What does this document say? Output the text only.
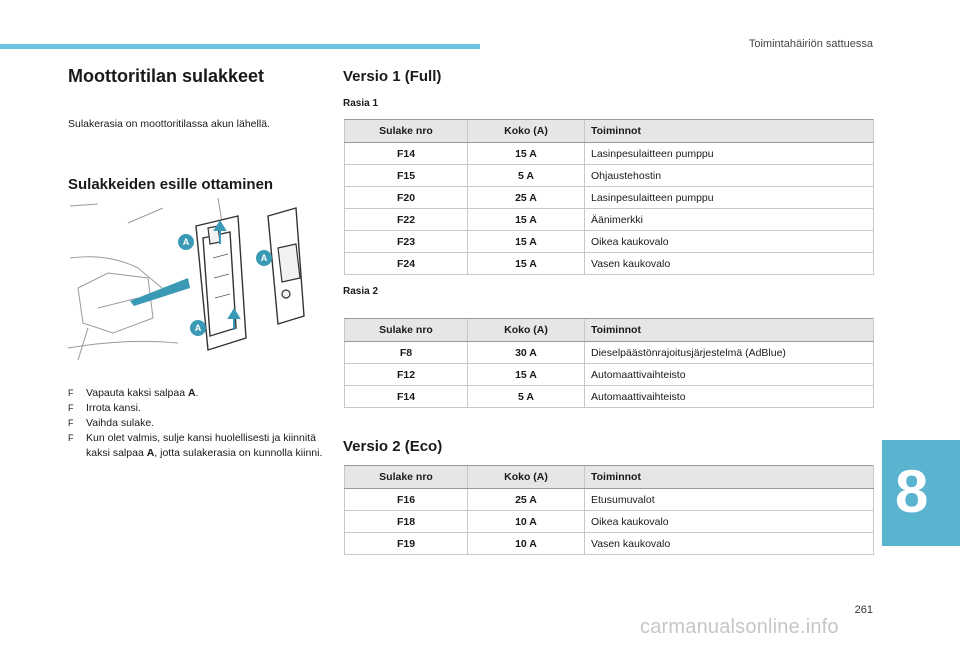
Toimintahäiriön sattuessa
Moottoritilan sulakkeet

Sulakerasia on moottoritilassa akun lähellä.

Sulakkeiden esille ottaminen
A
A
A
F Vapauta kaksi salpaa A.
F Irrota kansi.
F Vaihda sulake.
F Kun olet valmis, sulje kansi huolellisesti ja kiinnitä kaksi salpaa A, jotta sulakerasia on kunnolla kiinni.
Versio 1 (Full)

Rasia 1

Sulake nro	Koko (A)	Toiminnot
F14	15 A	Lasinpesulaitteen pumppu
F15	5 A	Ohjaustehostin
F20	25 A	Lasinpesulaitteen pumppu
F22	15 A	Äänimerkki
F23	15 A	Oikea kaukovalo
F24	15 A	Vasen kaukovalo

Rasia 2

Sulake nro	Koko (A)	Toiminnot
F8	30 A	Dieselpäästönrajoitusjärjestelmä (AdBlue)
F12	15 A	Automaattivaihteisto
F14	5 A	Automaattivaihteisto
Versio 2 (Eco)
Sulake nro	Koko (A)	Toiminnot
F16	25 A	Etusumuvalot
F18	10 A	Oikea kaukovalo
F19	10 A	Vasen kaukovalo
8
261
carmanualsonline.info
